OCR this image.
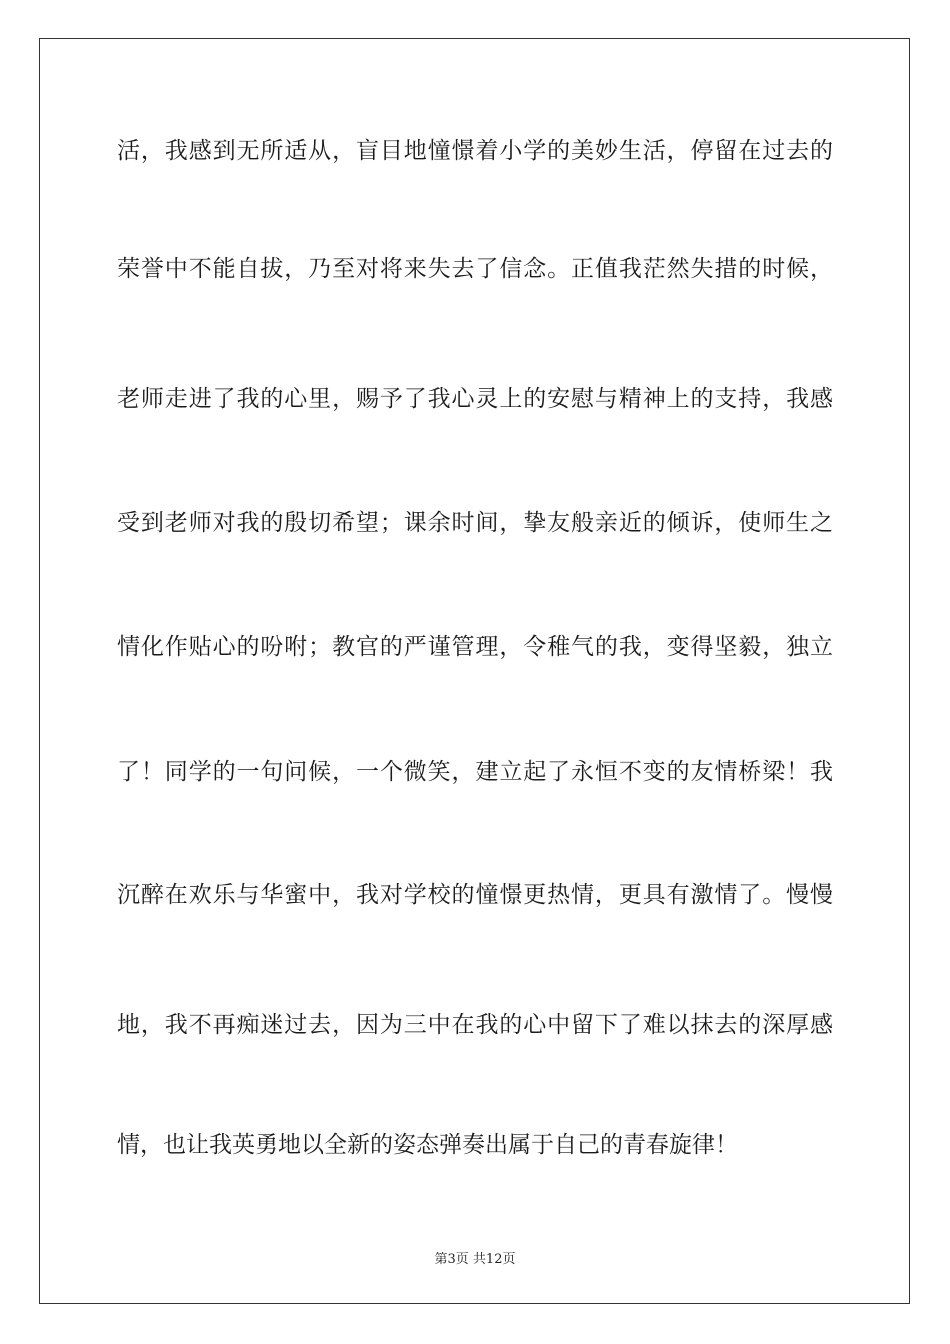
活，我感到无所适从，盲目地憧憬着小学的美妙生活，停留在过去的
荣誉中不能自拔，乃至对将来失去了信念。正值我茫然失措的时候，
老师走进了我的心里，赐予了我心灵上的安慰与精神上的支持，我感
受到老师对我的殷切希望；课余时间，挚友般亲近的倾诉，使师生之
情化作贴心的吩咐；教官的严谨管理，令稚气的我，变得坚毅，独立
了！同学的一句问候，一个微笑，建立起了永恒不变的友情桥梁！我
沉醉在欢乐与华蜜中，我对学校的憧憬更热情，更具有激情了。慢慢
地，我不再痴迷过去，因为三中在我的心中留下了难以抹去的深厚感
情，也让我英勇地以全新的姿态弹奏出属于自己的青春旋律！
第3页 共12页
